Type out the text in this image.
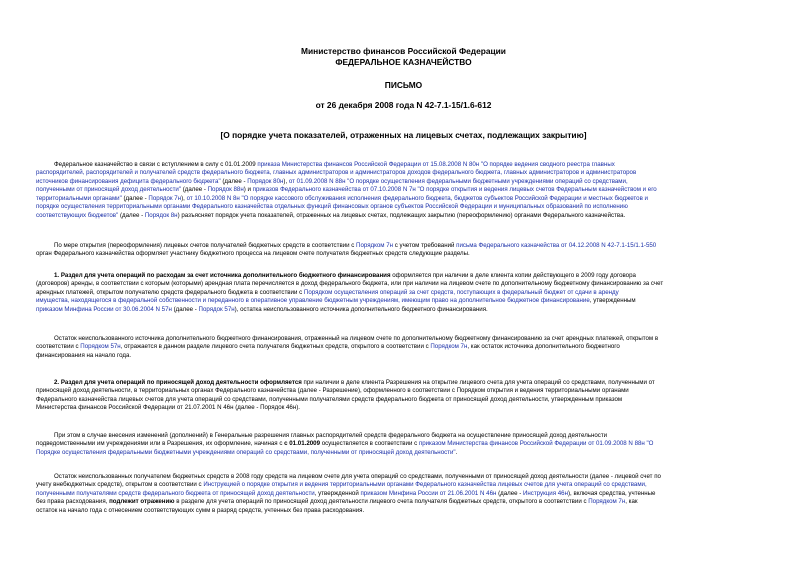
Министерство финансов Российской Федерации
ФЕДЕРАЛЬНОЕ КАЗНАЧЕЙСТВО
ПИСЬМО
от 26 декабря 2008 года N 42-7.1-15/1.6-612
[О порядке учета показателей, отраженных на лицевых счетах, подлежащих закрытию]
Федеральное казначейство в связи с вступлением в силу с 01.01.2009 приказа Министерства финансов Российской Федерации от 15.08.2008 N 80н "О порядке ведения сводного реестра главных
распорядителей, распорядителей и получателей средств федерального бюджета, главных администраторов и администраторов доходов федерального бюджета, главных администраторов и администраторов
источников финансирования дефицита федерального бюджета" (далее - Порядок 80н), от 01.09.2008 N 88н "О порядке осуществления федеральными бюджетными учреждениями операций со средствами,
полученными от приносящей доход деятельности" (далее - Порядок 88н) и приказов Федерального казначейства от 07.10.2008 N 7н "О порядке открытия и ведения лицевых счетов Федеральным казначейством и его
территориальными органами" (далее - Порядок 7н), от 10.10.2008 N 8н "О порядке кассового обслуживания исполнения федерального бюджета, бюджетов субъектов Российской Федерации и местных бюджетов и
порядке осуществления территориальными органами Федерального казначейства отдельных функций финансовых органов субъектов Российской Федерации и муниципальных образований по исполнению
соответствующих бюджетов" (далее - Порядок 8н) разъясняет порядок учета показателей, отраженных на лицевых счетах, подлежащих закрытию (переоформлению) органами Федерального казначейства.
По мере открытия (переоформления) лицевых счетов получателей бюджетных средств в соответствии с Порядком 7н с учетом требований письма Федерального казначейства от 04.12.2008 N 42-7.1-15/1.1-550
орган Федерального казначейства оформляет участнику бюджетного процесса на лицевом счете получателя бюджетных средств следующие разделы.
1. Раздел для учета операций по расходам за счет источника дополнительного бюджетного финансирования оформляется при наличии в деле клиента копии действующего в 2009 году договора
(договоров) аренды, в соответствии с которым (которыми) арендная плата перечисляется в доход федерального бюджета, или при наличии на лицевом счете по дополнительному бюджетному финансированию за счет
арендных платежей, открытом получателю средств федерального бюджета в соответствии с Порядком осуществления операций за счет средств, поступающих в федеральный бюджет от сдачи в аренду
имущества, находящегося в федеральной собственности и переданного в оперативное управление бюджетным учреждениям, имеющим право на дополнительное бюджетное финансирование, утвержденным
приказом Минфина России от 30.06.2004 N 57н (далее - Порядок 57н), остатка неиспользованного источника дополнительного бюджетного финансирования.
Остаток неиспользованного источника дополнительного бюджетного финансирования, отраженный на лицевом счете по дополнительному бюджетному финансированию за счет арендных платежей, открытом в
соответствии с Порядком 57н, отражается в данном разделе лицевого счета получателя бюджетных средств, открытого в соответствии с Порядком 7н, как остаток источника дополнительного бюджетного
финансирования на начало года.
2. Раздел для учета операций по приносящей доход деятельности оформляется при наличии в деле клиента Разрешения на открытие лицевого счета для учета операций со средствами, полученными от
приносящей доход деятельности, в территориальных органах Федерального казначейства (далее - Разрешение), оформленного в соответствии с Порядком открытия и ведения территориальными органами
Федерального казначейства лицевых счетов для учета операций со средствами, полученными получателями средств федерального бюджета от приносящей доход деятельности, утвержденным приказом
Министерства финансов Российской Федерации от 21.07.2001 N 46н (далее - Порядок 46н).
При этом в случае внесения изменений (дополнений) в Генеральные разрешения главных распорядителей средств федерального бюджета на осуществление приносящей доход деятельности
подведомственными им учреждениями или в Разрешения, их оформление, начиная с с 01.01.2009 осуществляется в соответствии с приказом Министерства финансов Российской Федерации от 01.09.2008 N 88н "О
Порядке осуществления федеральными бюджетными учреждениями операций со средствами, полученными от приносящей доход деятельности".
Остаток неиспользованных получателем бюджетных средств в 2008 году средств на лицевом счете для учета операций со средствами, полученными от приносящей доход деятельности (далее - лицевой счет по
учету внебюджетных средств), открытом в соответствии с Инструкцией о порядке открытия и ведения территориальными органами Федерального казначейства лицевых счетов для учета операций со средствами,
полученными получателями средств федерального бюджета от приносящей доход деятельности, утвержденной приказом Минфина России от 21.06.2001 N 46н (далее - Инструкция 46н), включая средства, учтенные
без права расходования, подлежит отражению в разделе для учета операций по приносящей доход деятельности лицевого счета получателя бюджетных средств, открытого в соответствии с Порядком 7н, как
остаток на начало года с отнесением соответствующих сумм в разряд средств, учтенных без права расходования.
